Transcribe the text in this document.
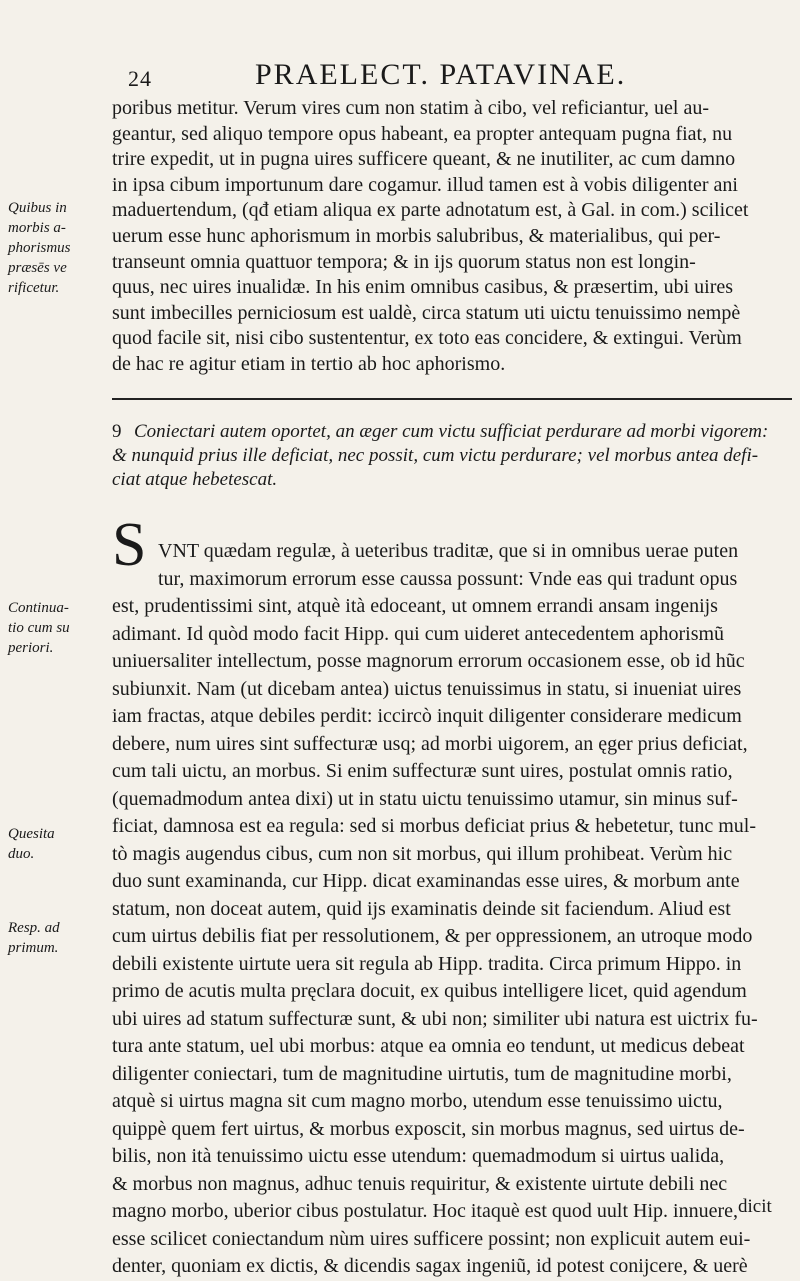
24	PRAELECT. PATAVINAE.
poribus metitur. Verum vires cum non statim à cibo, vel reficiantur, uel au-
geantur, sed aliquo tempore opus habeant, ea propter antequam pugna fiat, nu
trire expedit, ut in pugna uires sufficere queant, & ne inutiliter, ac cum damno
in ipsa cibum importunum dare cogamur. illud tamen est à vobis diligenter ani
maduertendum, (qđ etiam aliqua ex parte adnotatum est, à Gal. in com.) scilicet
uerum esse hunc aphorismum in morbis salubribus, & materialibus, qui per-
transeunt omnia quattuor tempora; & in ijs quorum status non est longin-
quus, nec uires inualidæ. In his enim omnibus casibus, & præsertim, ubi uires
sunt imbecilles perniciosum est ualdè, circa statum uti uictu tenuissimo nempè
quod facile sit, nisi cibo sustententur, ex toto eas concidere, & extingui. Verùm
de hac re agitur etiam in tertio ab hoc aphorismo.
9 Coniectari autem oportet, an æger cum victu sufficiat perdurare ad morbi vigorem:
& nunquid prius ille deficiat, nec possit, cum victu perdurare; vel morbus antea defi-
ciat atque hebetescat.
S VNT quædam regulæ, à ueteribus traditæ, que si in omnibus uerae puten
tur, maximorum errorum esse caussa possunt: Vnde eas qui tradunt opus
est, prudentissimi sint, atquè ità edoceant, ut omnem errandi ansam ingenijs
adimant. Id quòd modo facit Hipp. qui cum uideret antecedentem aphorismũ
uniuersaliter intellectum, posse magnorum errorum occasionem esse, ob id hũc
subiunxit. Nam (ut dicebam antea) uictus tenuissimus in statu, si inueniat uires
iam fractas, atque debiles perdit: iccircò inquit diligenter considerare medicum
debere, num uires sint suffecturæ usq; ad morbi uigorem, an ęger prius deficiat,
cum tali uictu, an morbus. Si enim suffecturæ sunt uires, postulat omnis ratio,
(quemadmodum antea dixi) ut in statu uictu tenuissimo utamur, sin minus suf-
ficiat, damnosa est ea regula: sed si morbus deficiat prius & hebetetur, tunc mul-
tò magis augendus cibus, cum non sit morbus, qui illum prohibeat. Verùm hic
duo sunt examinanda, cur Hipp. dicat examinandas esse uires, & morbum ante
statum, non doceat autem, quid ijs examinatis deinde sit faciendum. Aliud est
cum uirtus debilis fiat per ressolutionem, & per oppressionem, an utroque modo
debili existente uirtute uera sit regula ab Hipp. tradita. Circa primum Hippo. in
primo de acutis multa pręclara docuit, ex quibus intelligere licet, quid agendum
ubi uires ad statum suffecturæ sunt, & ubi non; similiter ubi natura est uictrix fu-
tura ante statum, uel ubi morbus: atque ea omnia eo tendunt, ut medicus debeat
diligenter coniectari, tum de magnitudine uirtutis, tum de magnitudine morbi,
atquè si uirtus magna sit cum magno morbo, utendum esse tenuissimo uictu,
quippè quem fert uirtus, & morbus exposcit, sin morbus magnus, sed uirtus de-
bilis, non ità tenuissimo uictu esse utendum: quemadmodum si uirtus ualida,
& morbus non magnus, adhuc tenuis requiritur, & existente uirtute debili nec
magno morbo, uberior cibus postulatur. Hoc itaquè est quod uult Hip. innuere,
esse scilicet coniectandum nùm uires sufficere possint; non explicuit autem eui-
denter, quoniam ex dictis, & dicendis sagax ingeniũ, id potest conijcere, & uerè
dicit
Quibus in
morbis a-
phorismus
præsēs ve
rificetur.
Continua-
tio cum su
periori.
Quesita
duo.
Resp. ad
primum.
